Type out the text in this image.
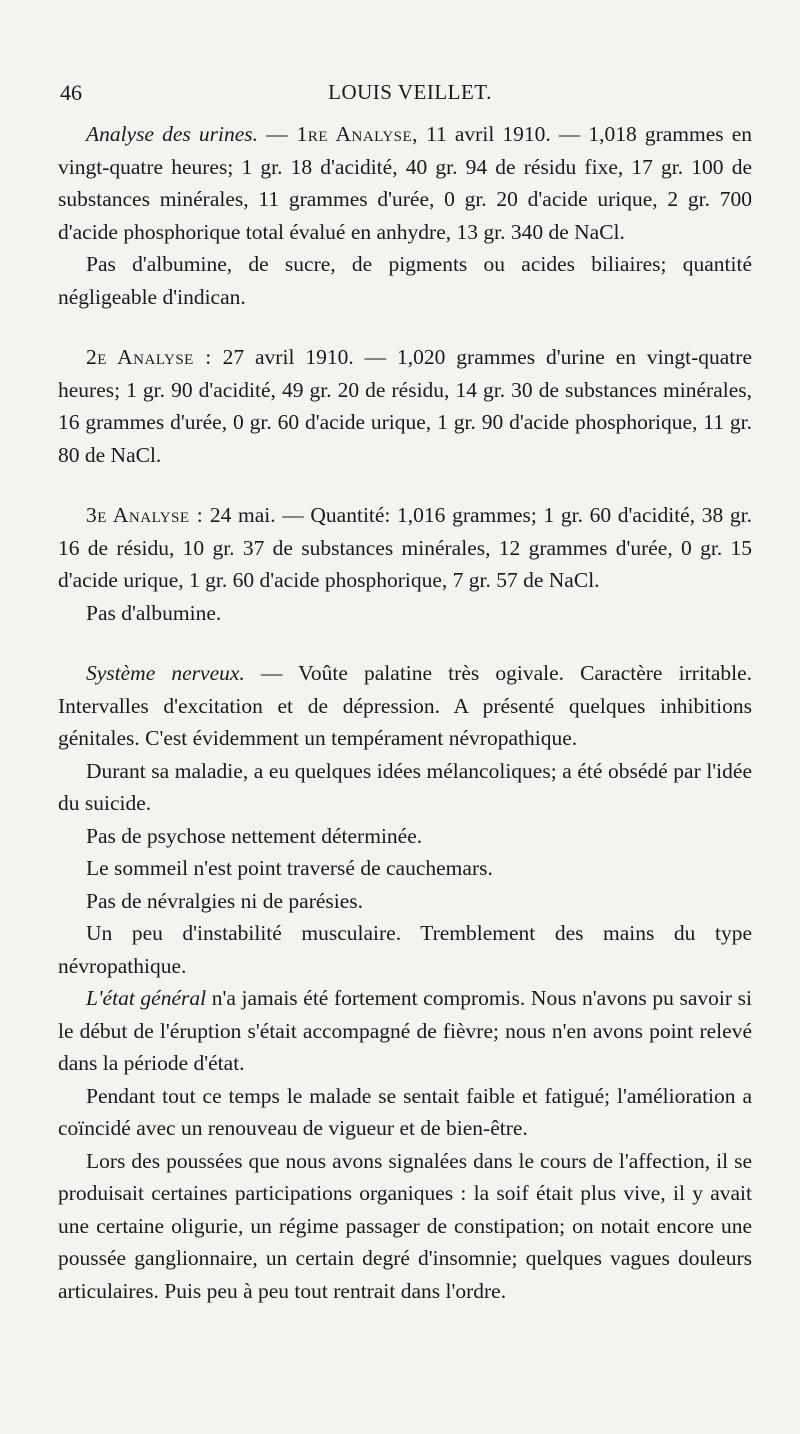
46	LOUIS VEILLET.

Analyse des urines. — 1re Analyse, 11 avril 1910. — 1,018 grammes en vingt-quatre heures; 1 gr. 18 d'acidité, 40 gr. 94 de résidu fixe, 17 gr. 100 de substances minérales, 11 grammes d'urée, 0 gr. 20 d'acide urique, 2 gr. 700 d'acide phosphorique total évalué en anhydre, 13 gr. 340 de NaCl.

Pas d'albumine, de sucre, de pigments ou acides biliaires; quantité négligeable d'indican.

2e Analyse : 27 avril 1910. — 1,020 grammes d'urine en vingt-quatre heures; 1 gr. 90 d'acidité, 49 gr. 20 de résidu, 14 gr. 30 de substances minérales, 16 grammes d'urée, 0 gr. 60 d'acide urique, 1 gr. 90 d'acide phosphorique, 11 gr. 80 de NaCl.

3e Analyse : 24 mai. — Quantité: 1,016 grammes; 1 gr. 60 d'acidité, 38 gr. 16 de résidu, 10 gr. 37 de substances minérales, 12 grammes d'urée, 0 gr. 15 d'acide urique, 1 gr. 60 d'acide phosphorique, 7 gr. 57 de NaCl.

Pas d'albumine.

Système nerveux. — Voûte palatine très ogivale. Caractère irritable. Intervalles d'excitation et de dépression. A présenté quelques inhibitions génitales. C'est évidemment un tempérament névropathique.

Durant sa maladie, a eu quelques idées mélancoliques; a été obsédé par l'idée du suicide.

Pas de psychose nettement déterminée.

Le sommeil n'est point traversé de cauchemars.

Pas de névralgies ni de parésies.

Un peu d'instabilité musculaire. Tremblement des mains du type névropathique.

L'état général n'a jamais été fortement compromis. Nous n'avons pu savoir si le début de l'éruption s'était accompagné de fièvre; nous n'en avons point relevé dans la période d'état.

Pendant tout ce temps le malade se sentait faible et fatigué; l'amélioration a coïncidé avec un renouveau de vigueur et de bien-être.

Lors des poussées que nous avons signalées dans le cours de l'affection, il se produisait certaines participations organiques : la soif était plus vive, il y avait une certaine oligurie, un régime passager de constipation; on notait encore une poussée ganglionnaire, un certain degré d'insomnie; quelques vagues douleurs articulaires. Puis peu à peu tout rentrait dans l'ordre.
